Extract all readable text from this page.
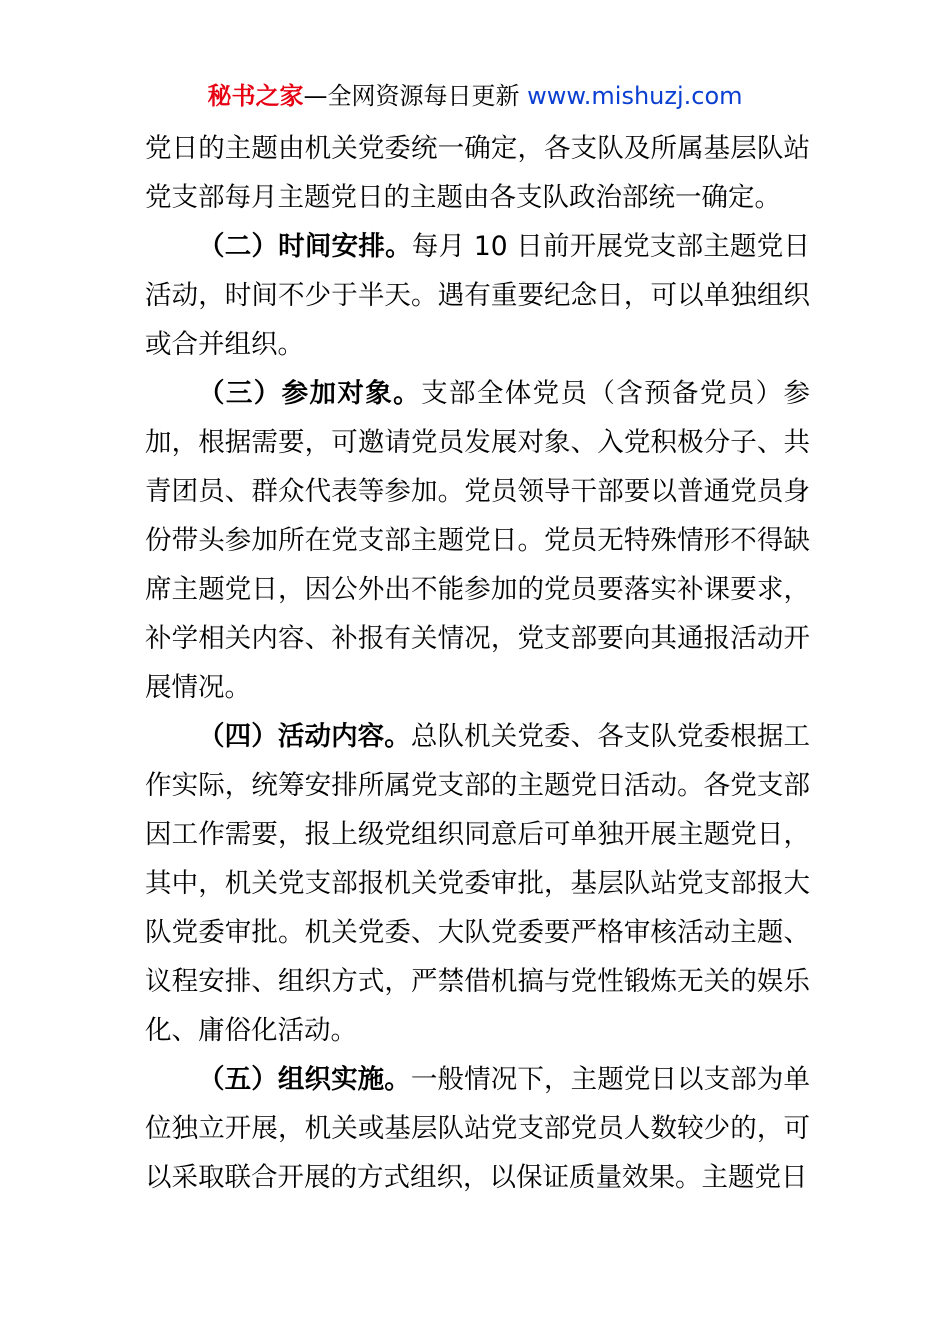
秘书之家—全网资源每日更新 www.mishuzj.com

党日的主题由机关党委统一确定，各支队及所属基层队站党支部每月主题党日的主题由各支队政治部统一确定。

（二）时间安排。每月 10 日前开展党支部主题党日活动，时间不少于半天。遇有重要纪念日，可以单独组织或合并组织。

（三）参加对象。支部全体党员（含预备党员）参加，根据需要，可邀请党员发展对象、入党积极分子、共青团员、群众代表等参加。党员领导干部要以普通党员身份带头参加所在党支部主题党日。党员无特殊情形不得缺席主题党日，因公外出不能参加的党员要落实补课要求，补学相关内容、补报有关情况，党支部要向其通报活动开展情况。

（四）活动内容。总队机关党委、各支队党委根据工作实际，统筹安排所属党支部的主题党日活动。各党支部因工作需要，报上级党组织同意后可单独开展主题党日，其中，机关党支部报机关党委审批，基层队站党支部报大队党委审批。机关党委、大队党委要严格审核活动主题、议程安排、组织方式，严禁借机搞与党性锻炼无关的娱乐化、庸俗化活动。

（五）组织实施。一般情况下，主题党日以支部为单位独立开展，机关或基层队站党支部党员人数较少的，可以采取联合开展的方式组织，以保证质量效果。主题党日
